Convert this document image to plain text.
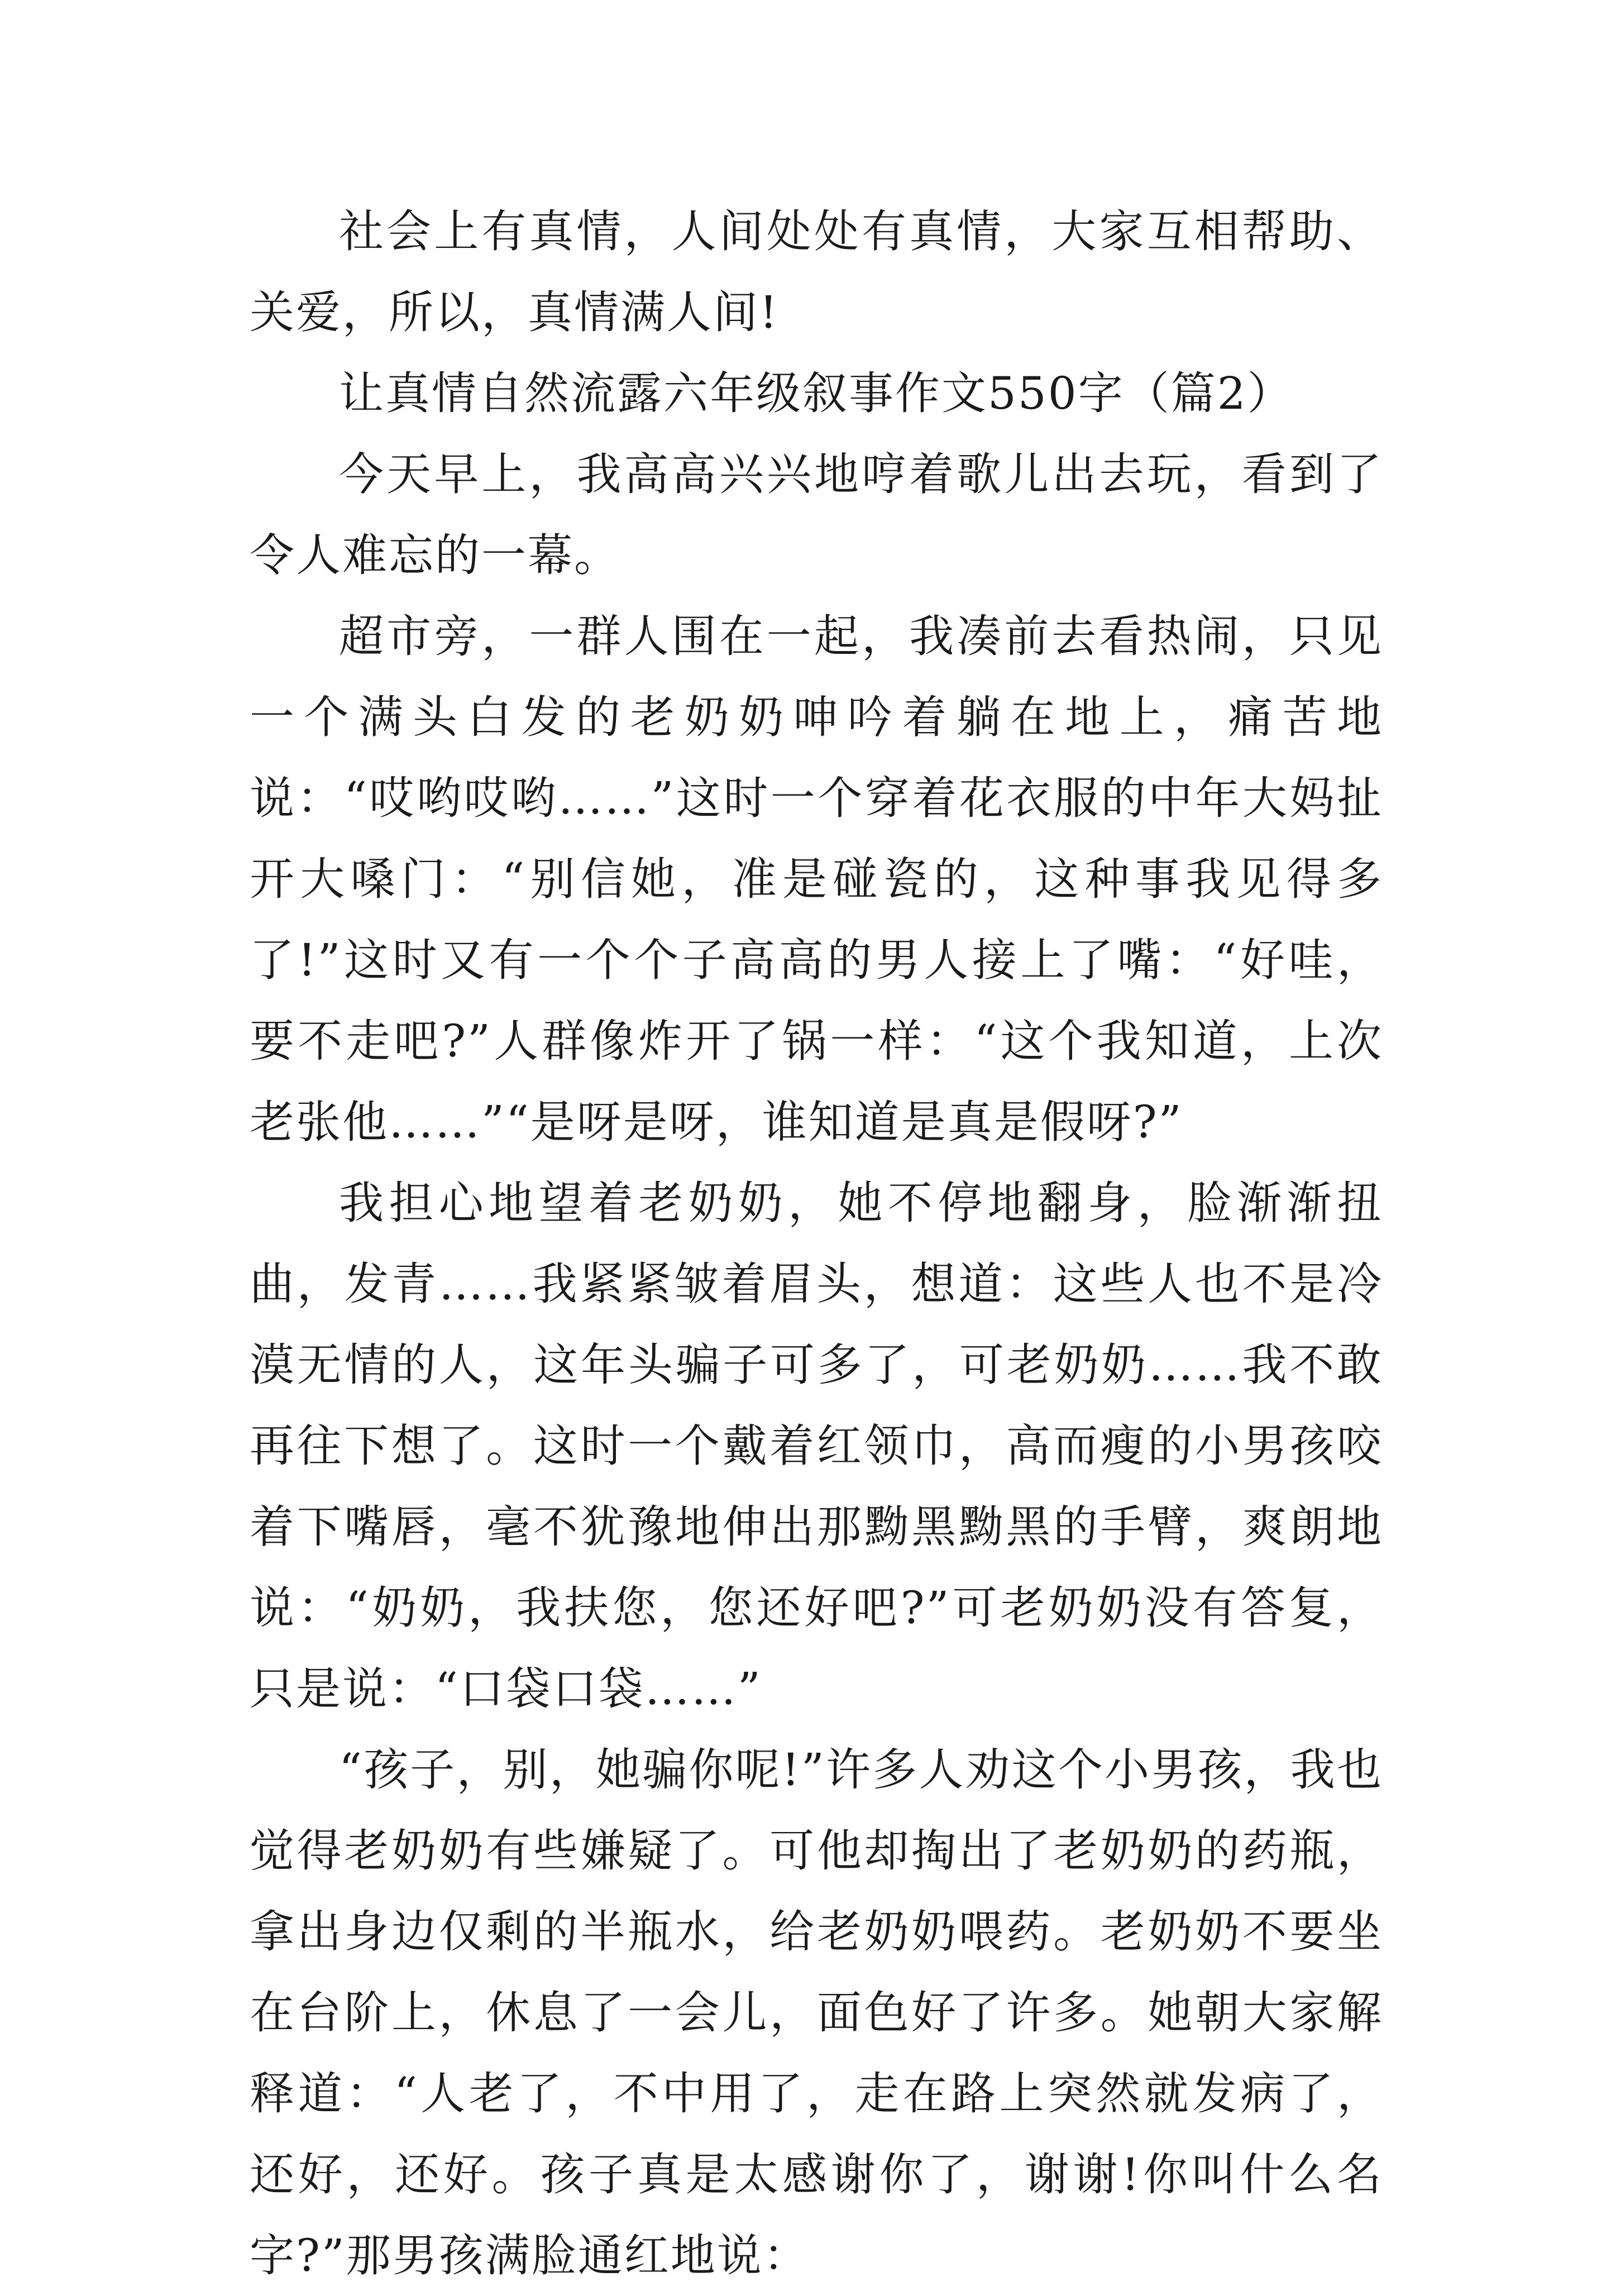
社会上有真情，人间处处有真情，大家互相帮助、关爱，所以，真情满人间!

让真情自然流露六年级叙事作文550字（篇2）

今天早上，我高高兴兴地哼着歌儿出去玩，看到了令人难忘的一幕。

超市旁，一群人围在一起，我凑前去看热闹，只见一个满头白发的老奶奶呻吟着躺在地上，痛苦地说：“哎哟哎哟……”这时一个穿着花衣服的中年大妈扯开大嗓门：“别信她，准是碰瓷的，这种事我见得多了!”这时又有一个个子高高的男人接上了嘴：“好哇，要不走吧?”人群像炸开了锅一样：“这个我知道，上次老张他……”“是呀是呀，谁知道是真是假呀?”

我担心地望着老奶奶，她不停地翻身，脸渐渐扭曲，发青……我紧紧皱着眉头，想道：这些人也不是冷漠无情的人，这年头骗子可多了，可老奶奶……我不敢再往下想了。这时一个戴着红领巾，高而瘦的小男孩咬着下嘴唇，毫不犹豫地伸出那黝黑黝黑的手臂，爽朗地说：“奶奶，我扶您，您还好吧?”可老奶奶没有答复，只是说：“口袋口袋……”

“孩子，别，她骗你呢!”许多人劝这个小男孩，我也觉得老奶奶有些嫌疑了。可他却掏出了老奶奶的药瓶，拿出身边仅剩的半瓶水，给老奶奶喂药。老奶奶不要坐在台阶上，休息了一会儿，面色好了许多。她朝大家解释道：“人老了，不中用了，走在路上突然就发病了，还好，还好。孩子真是太感谢你了，谢谢!你叫什么名字?”那男孩满脸通红地说：
